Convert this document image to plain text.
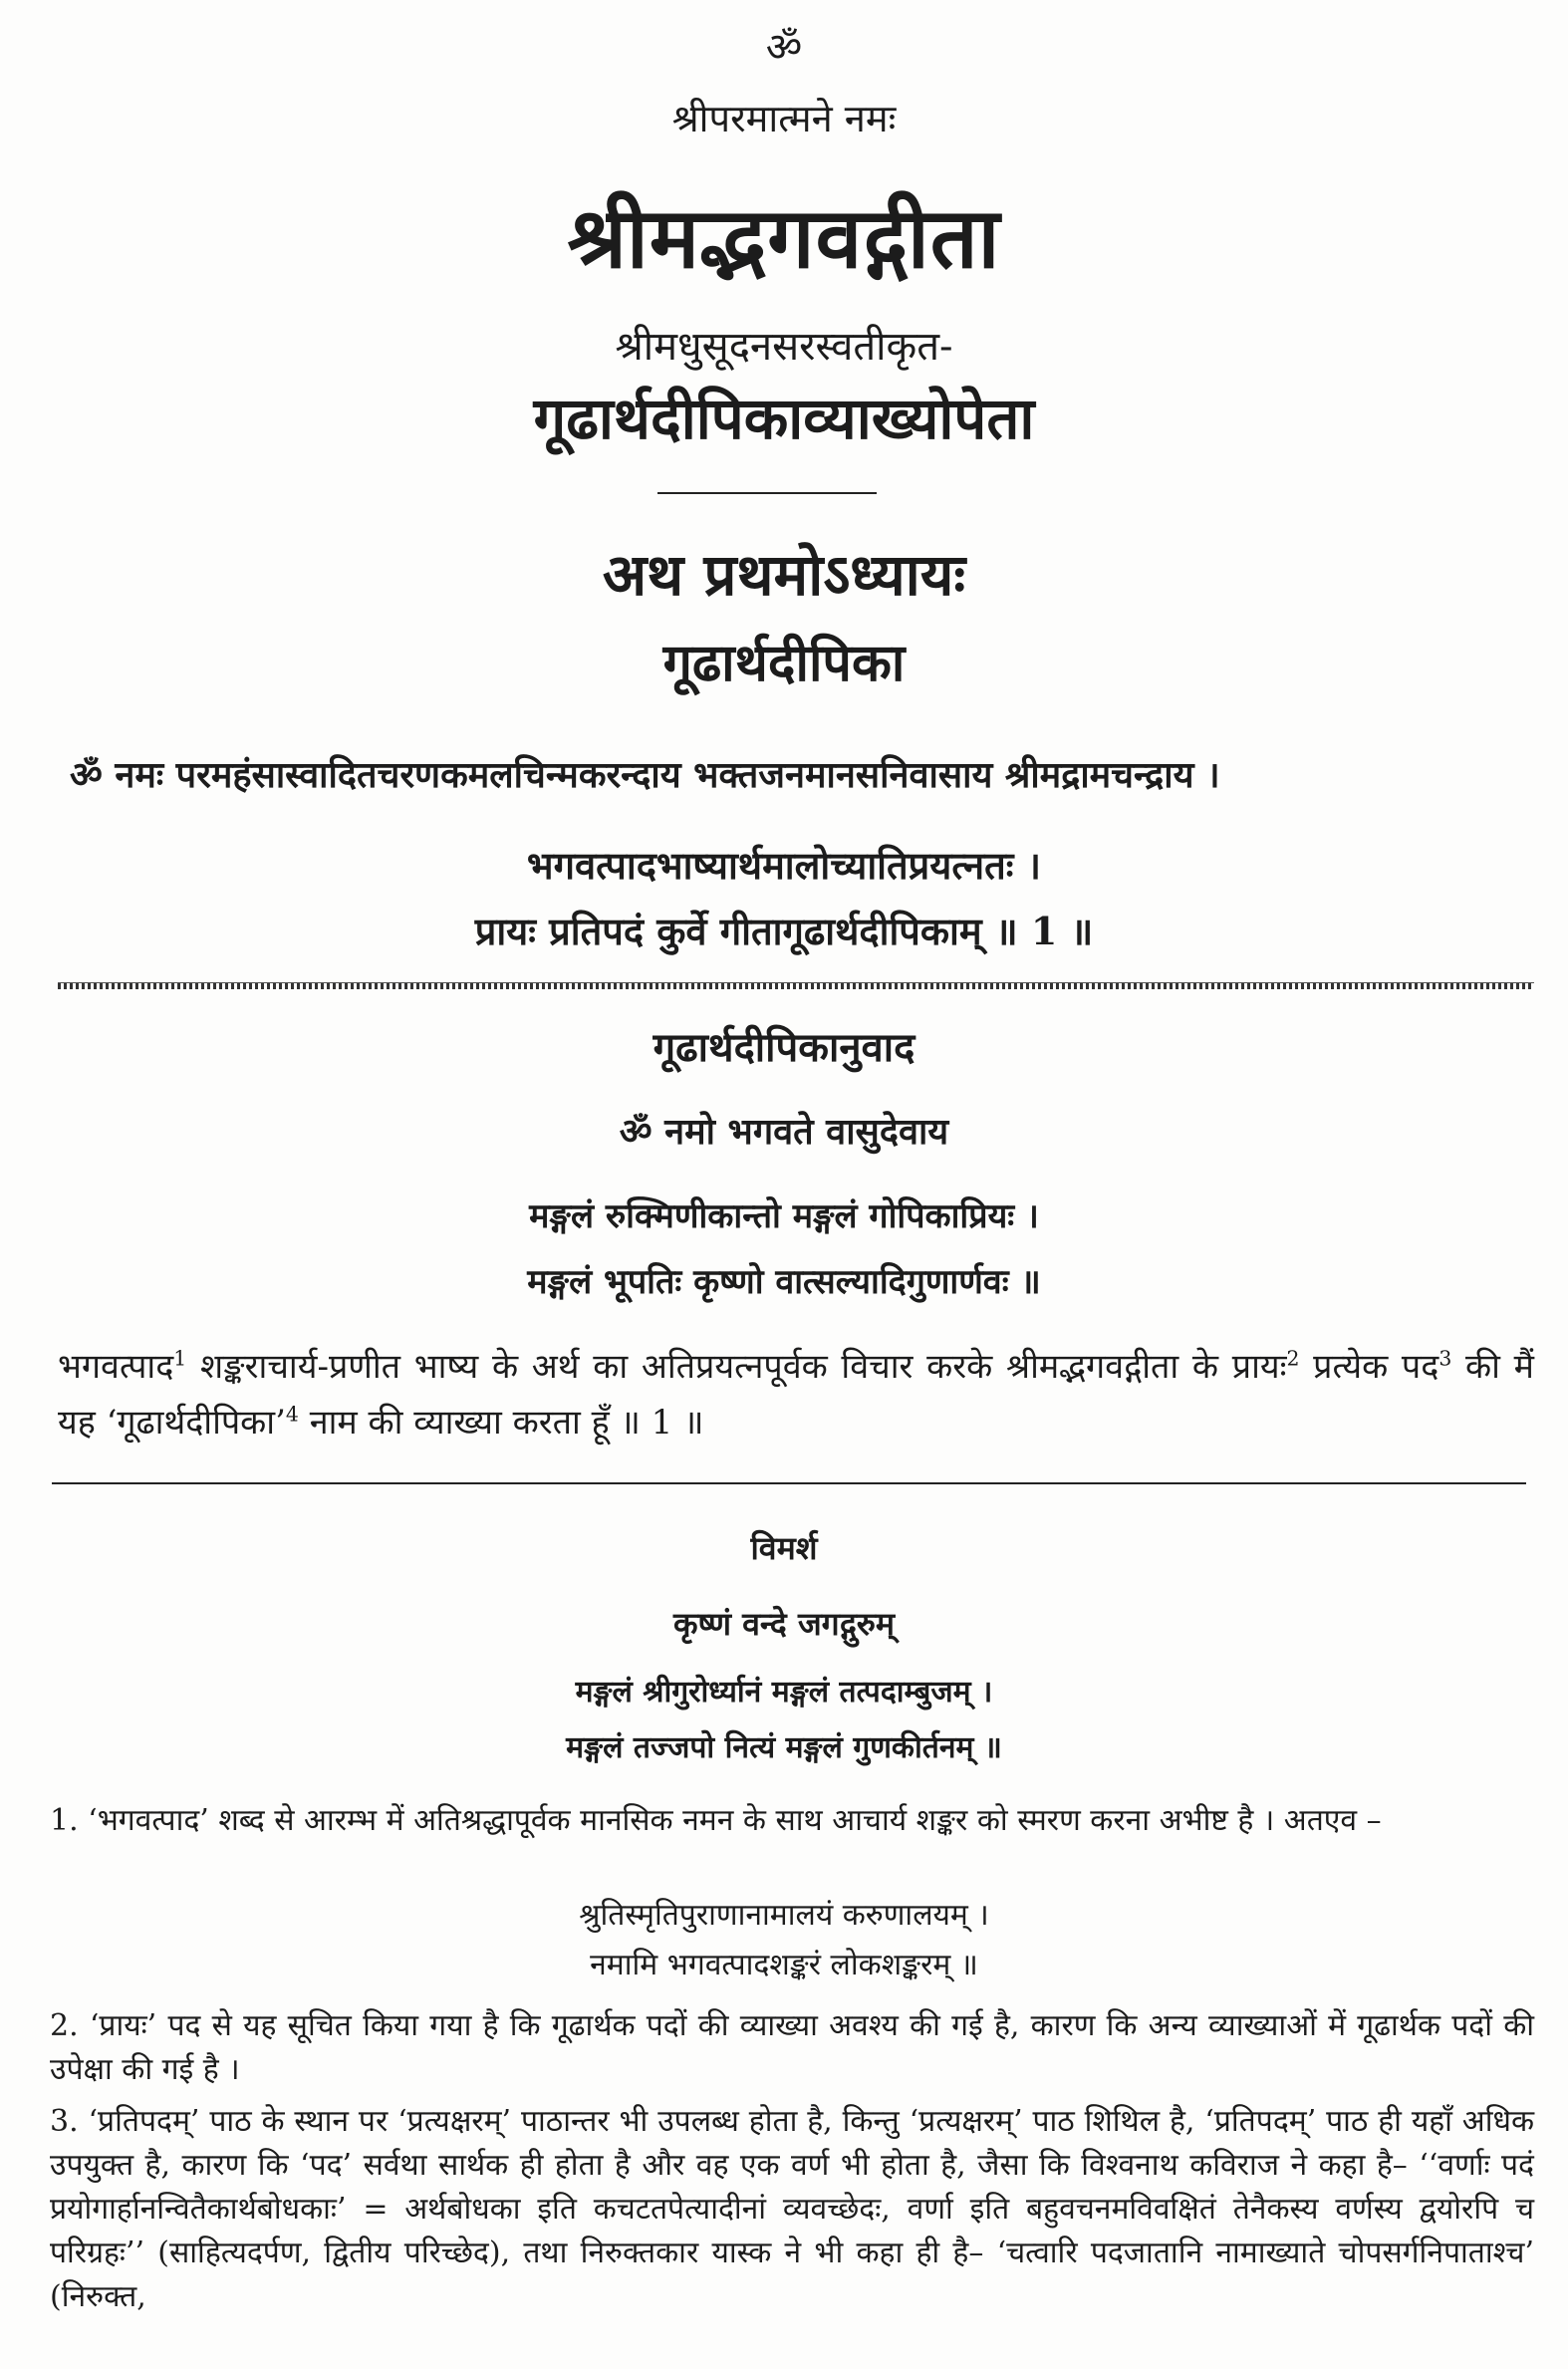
ॐ
श्रीपरमात्मने नमः
श्रीमद्भगवद्गीता
श्रीमधुसूदनसरस्वतीकृत-
गूढार्थदीपिकाव्याख्योपेता
अथ प्रथमोऽध्यायः
गूढार्थदीपिका
ॐ नमः परमहंसास्वादितचरणकमलचिन्मकरन्दाय भक्तजनमानसनिवासाय श्रीमद्रामचन्द्राय ।
भगवत्पादभाष्यार्थमालोच्यातिप्रयत्नतः ।
प्रायः प्रतिपदं कुर्वे गीतागूढार्थदीपिकाम् ॥ 1 ॥
गूढार्थदीपिकानुवाद
ॐ नमो भगवते वासुदेवाय
मङ्गलं रुक्मिणीकान्तो मङ्गलं गोपिकाप्रियः ।
मङ्गलं भूपतिः कृष्णो वात्सल्यादिगुणार्णवः ॥
भगवत्पाद$^1$ शङ्कराचार्य-प्रणीत भाष्य के अर्थ का अतिप्रयत्नपूर्वक विचार करके श्रीमद्भगवद्गीता के प्रायः$^2$ प्रत्येक पद$^3$ की मैं यह ‘गूढार्थदीपिका’$^4$ नाम की व्याख्या करता हूँ ॥ 1 ॥
विमर्श
कृष्णं वन्दे जगद्गुरुम्
मङ्गलं श्रीगुरोर्ध्यानं मङ्गलं तत्पदाम्बुजम् ।
मङ्गलं तज्जपो नित्यं मङ्गलं गुणकीर्तनम् ॥
1. ‘भगवत्पाद’ शब्द से आरम्भ में अतिश्रद्धापूर्वक मानसिक नमन के साथ आचार्य शङ्कर को स्मरण करना अभीष्ट है । अतएव –
श्रुतिस्मृतिपुराणानामालयं करुणालयम् ।
नमामि भगवत्पादशङ्करं लोकशङ्करम् ॥
2. ‘प्रायः’ पद से यह सूचित किया गया है कि गूढार्थक पदों की व्याख्या अवश्य की गई है, कारण कि अन्य व्याख्याओं में गूढार्थक पदों की उपेक्षा की गई है ।
3. ‘प्रतिपदम्’ पाठ के स्थान पर ‘प्रत्यक्षरम्’ पाठान्तर भी उपलब्ध होता है, किन्तु ‘प्रत्यक्षरम्’ पाठ शिथिल है, ‘प्रतिपदम्’ पाठ ही यहाँ अधिक उपयुक्त है, कारण कि ‘पद’ सर्वथा सार्थक ही होता है और वह एक वर्ण भी होता है, जैसा कि विश्वनाथ कविराज ने कहा है– ‘‘वर्णाः पदं प्रयोगार्हानन्वितैकार्थबोधकाः’ = अर्थबोधका इति कचटतपेत्यादीनां व्यवच्छेदः, वर्णा इति बहुवचनमविवक्षितं तेनैकस्य वर्णस्य द्वयोरपि च परिग्रहः’’ (साहित्यदर्पण, द्वितीय परिच्छेद), तथा निरुक्तकार यास्क ने भी कहा ही है– ‘चत्वारि पदजातानि नामाख्याते चोपसर्गनिपाताश्च’ (निरुक्त,
